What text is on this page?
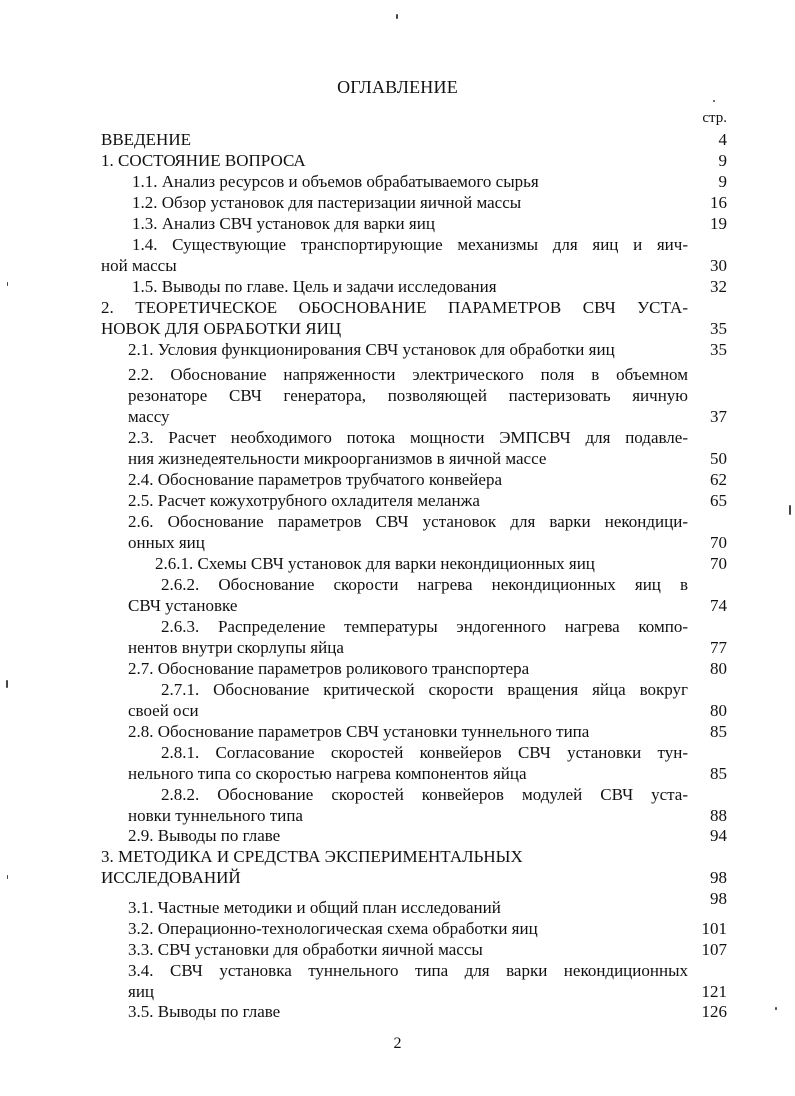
ОГЛАВЛЕНИЕ
стр.
ВВЕДЕНИЕ	4
1. СОСТОЯНИЕ ВОПРОСА	9
1.1. Анализ ресурсов и объемов обрабатываемого сырья	9
1.2. Обзор установок для пастеризации яичной массы	16
1.3. Анализ СВЧ установок для варки яиц	19
1.4. Существующие транспортирующие механизмы для яиц и яич-
ной массы	30
1.5. Выводы по главе. Цель и задачи исследования	32
2. ТЕОРЕТИЧЕСКОЕ ОБОСНОВАНИЕ ПАРАМЕТРОВ СВЧ УСТА-
НОВОК ДЛЯ ОБРАБОТКИ ЯИЦ	35
2.1. Условия функционирования СВЧ установок для обработки яиц	35
2.2. Обоснование напряженности электрического поля в объемном
резонаторе СВЧ генератора, позволяющей пастеризовать яичную
массу	37
2.3. Расчет необходимого потока мощности ЭМПСВЧ для подавле-
ния жизнедеятельности микроорганизмов в яичной массе	50
2.4. Обоснование параметров трубчатого конвейера	62
2.5. Расчет кожухотрубного охладителя меланжа	65
2.6. Обоснование параметров СВЧ установок для варки некондици-
онных яиц	70
2.6.1. Схемы СВЧ установок для варки некондиционных яиц	70
2.6.2. Обоснование скорости нагрева некондиционных яиц в
СВЧ установке	74
2.6.3. Распределение температуры эндогенного нагрева компо-
нентов внутри скорлупы яйца	77
2.7. Обоснование параметров роликового транспортера	80
2.7.1. Обоснование критической скорости вращения яйца вокруг
своей оси	80
2.8. Обоснование параметров СВЧ установки туннельного типа	85
2.8.1. Согласование скоростей конвейеров СВЧ установки тун-
нельного типа со скоростью нагрева компонентов яйца	85
2.8.2. Обоснование скоростей конвейеров модулей СВЧ уста-
новки туннельного типа	88
2.9. Выводы по главе	94
3. МЕТОДИКА И СРЕДСТВА ЭКСПЕРИМЕНТАЛЬНЫХ
ИССЛЕДОВАНИЙ	98
3.1. Частные методики и общий план исследований	98
3.2. Операционно-технологическая схема обработки яиц	101
3.3. СВЧ установки для обработки яичной массы	107
3.4. СВЧ установка туннельного типа для варки некондиционных
яиц	121
3.5. Выводы по главе	126
2
